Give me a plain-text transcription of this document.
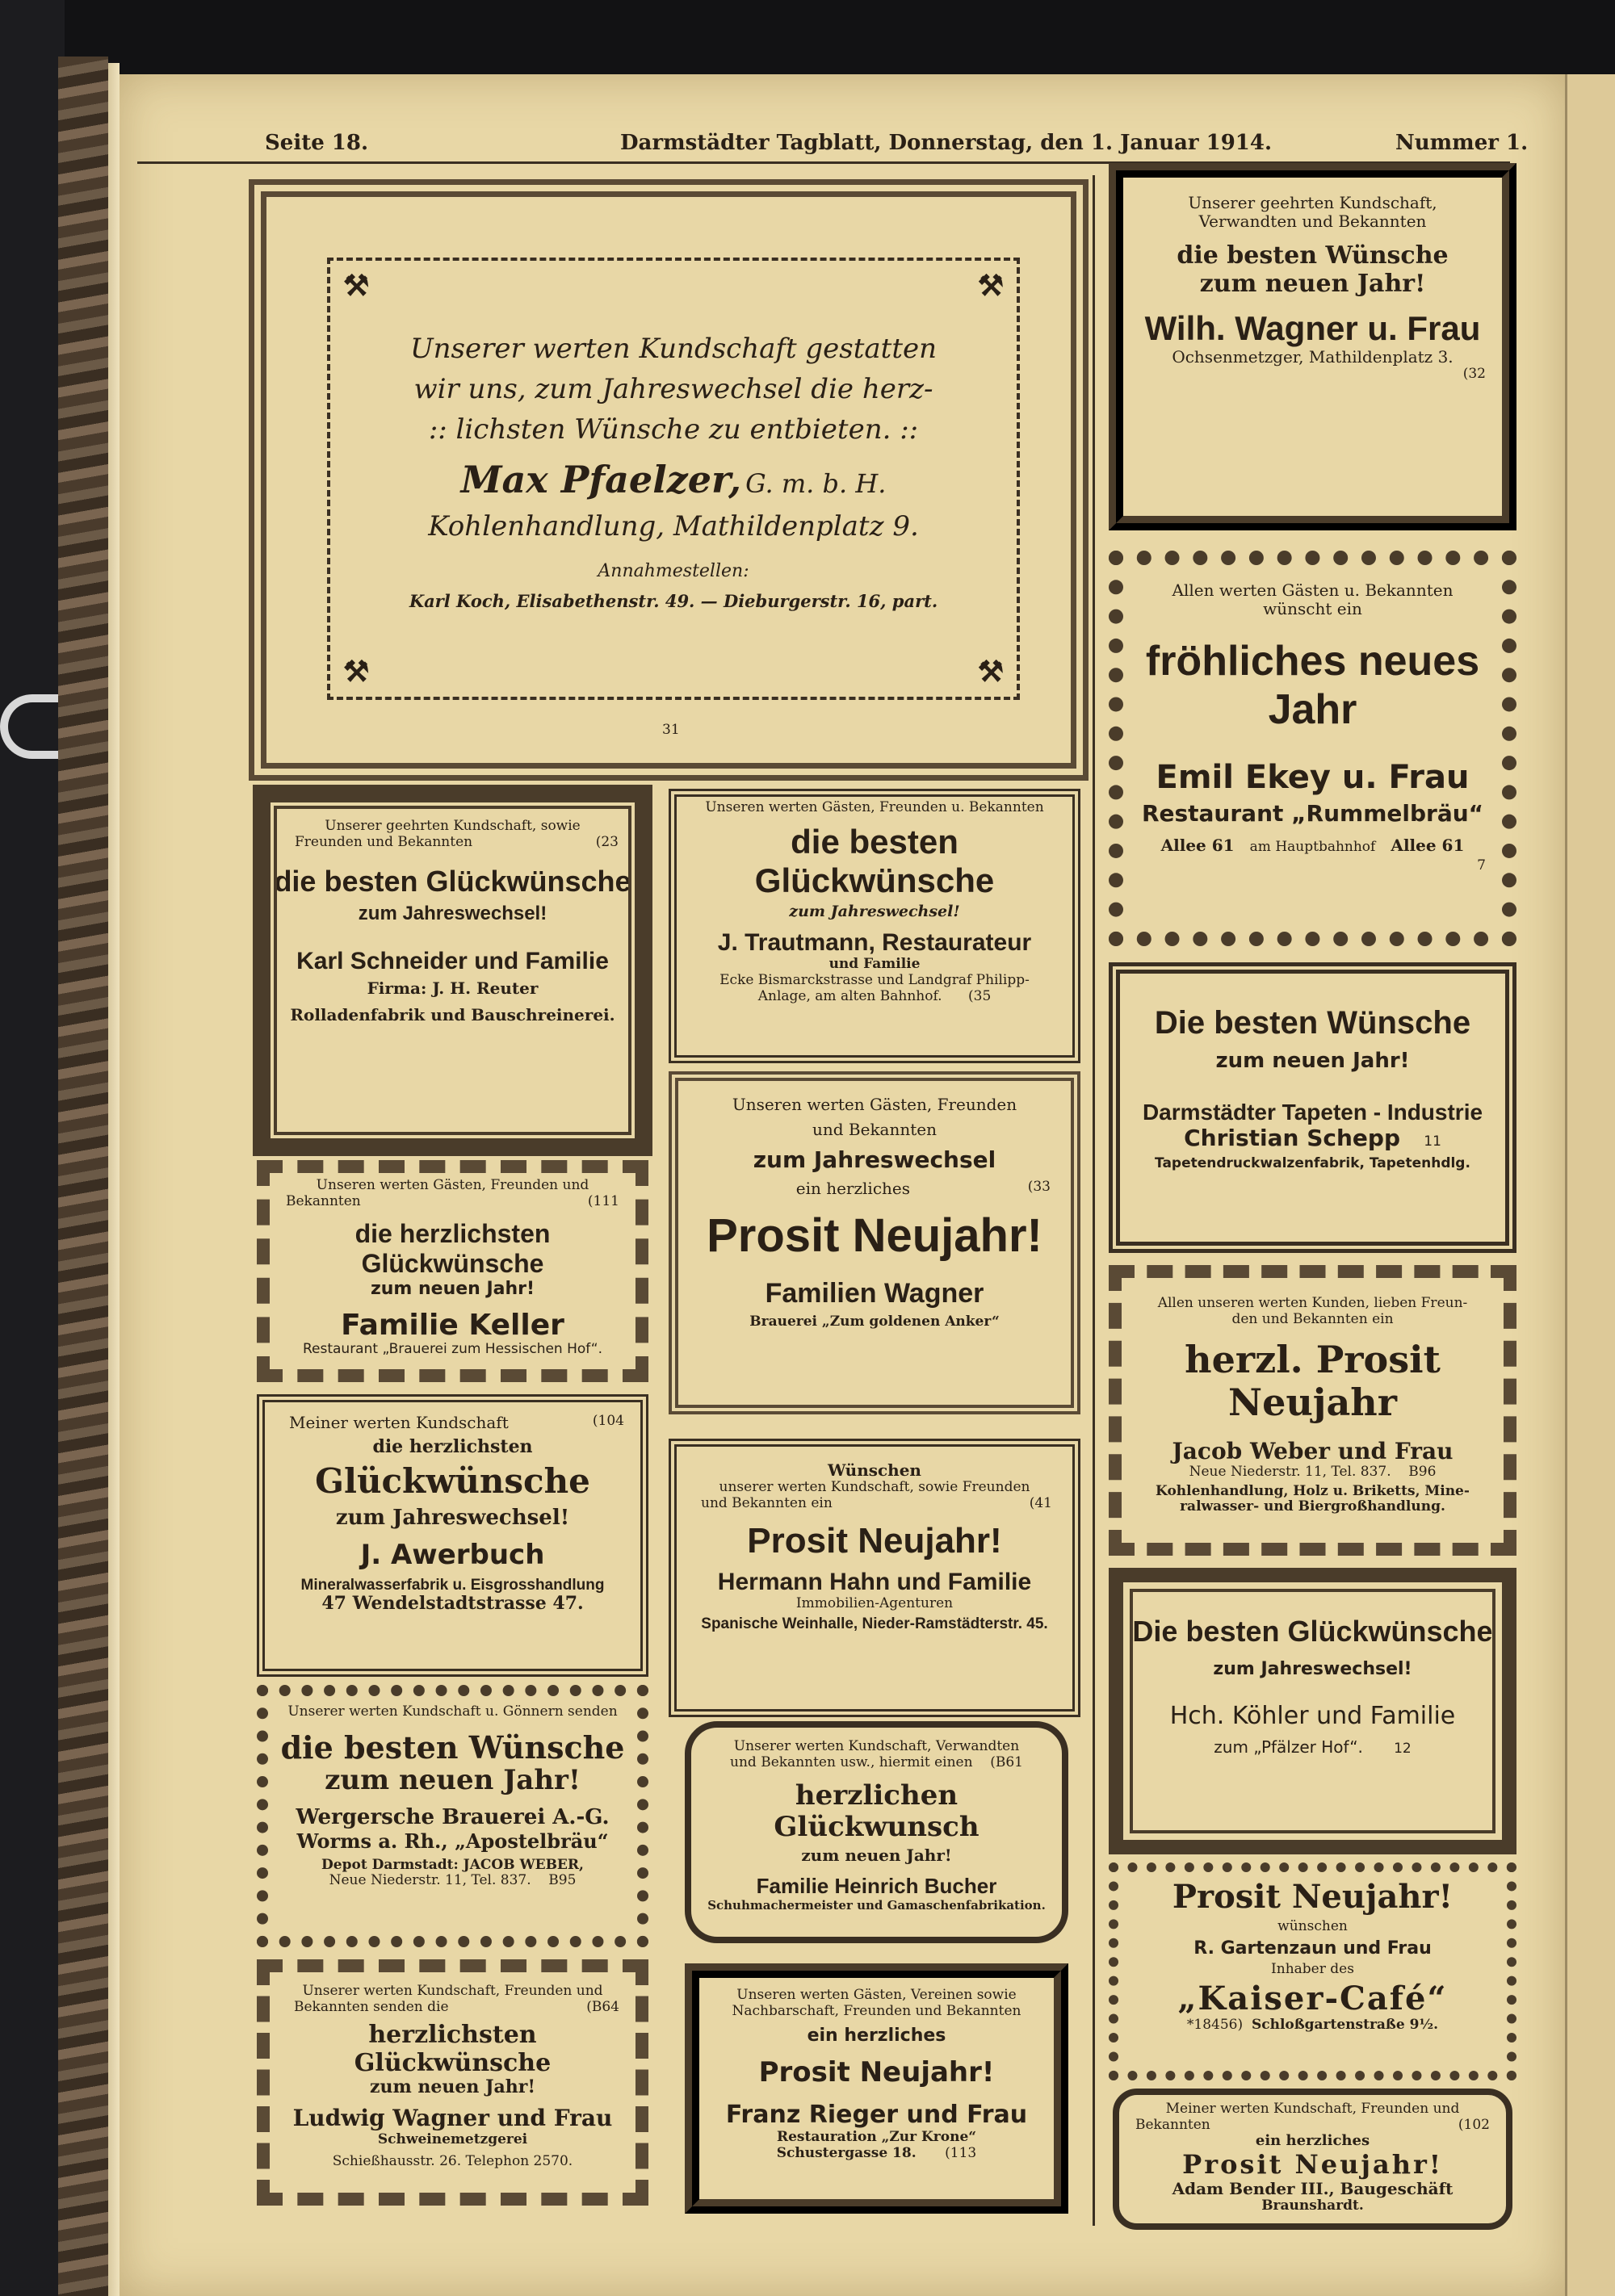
Seite 18.	Darmstädter Tagblatt, Donnerstag, den 1. Januar 1914.	Nummer 1.
⚒	⚒
⚒	⚒

Unserer werten Kundschaft gestatten

wir uns, zum Jahreswechsel die herz-

:: lichsten Wünsche zu entbieten. ::

Max Pfaelzer, G. m. b. H.

Kohlenhandlung, Mathildenplatz 9.

Annahmestellen:

Karl Koch, Elisabethenstr. 49. — Dieburgerstr. 16, part.

31

Unserer geehrten Kundschaft, sowie

Freunden und Bekannten	(23

die besten Glückwünsche

zum Jahreswechsel!

Karl Schneider und Familie

Firma: J. H. Reuter

Rolladenfabrik und Bauschreinerei.

Unseren werten Gästen, Freunden und

Bekannten	(111

die herzlichsten Glückwünsche

zum neuen Jahr!

Familie Keller

Restaurant „Brauerei zum Hessischen Hof“.

Meiner werten Kundschaft	(104

die herzlichsten

Glückwünsche

zum Jahreswechsel!

J. Awerbuch

Mineralwasserfabrik u. Eisgrosshandlung

47 Wendelstadtstrasse 47.

Unserer werten Kundschaft u. Gönnern senden

die besten Wünsche

zum neuen Jahr!

Wergersche Brauerei A.-G.

Worms a. Rh., „Apostelbräu“

Depot Darmstadt: JACOB WEBER,

Neue Niederstr. 11, Tel. 837. B95

Unserer werten Kundschaft, Freunden und

Bekannten senden die	(B64

herzlichsten Glückwünsche

zum neuen Jahr!

Ludwig Wagner und Frau

Schweinemetzgerei

Schießhausstr. 26. Telephon 2570.

Unseren werten Gästen, Freunden u. Bekannten

die besten Glückwünsche

zum Jahreswechsel!

J. Trautmann, Restaurateur

und Familie

Ecke Bismarckstrasse und Landgraf Philipp-

Anlage, am alten Bahnhof. (35

Unseren werten Gästen, Freunden

und Bekannten

zum Jahreswechsel

ein herzliches	(33

Prosit Neujahr!

Familien Wagner

Brauerei „Zum goldenen Anker“

Wünschen

unserer werten Kundschaft, sowie Freunden

und Bekannten ein	(41

Prosit Neujahr!

Hermann Hahn und Familie

Immobilien-Agenturen

Spanische Weinhalle, Nieder-Ramstädterstr. 45.

Unserer werten Kundschaft, Verwandten

und Bekannten usw., hiermit einen (B61

herzlichen Glückwunsch

zum neuen Jahr!

Familie Heinrich Bucher

Schuhmachermeister und Gamaschenfabrikation.

Unseren werten Gästen, Vereinen sowie

Nachbarschaft, Freunden und Bekannten

ein herzliches

Prosit Neujahr!

Franz Rieger und Frau

Restauration „Zur Krone“

Schustergasse 18. (113

Unserer geehrten Kundschaft,

Verwandten und Bekannten

die besten Wünsche

zum neuen Jahr!

Wilh. Wagner u. Frau

Ochsenmetzger, Mathildenplatz 3.

(32

Allen werten Gästen u. Bekannten

wünscht ein

fröhliches neues Jahr

Emil Ekey u. Frau

Restaurant „Rummelbräu“

Allee 61 am Hauptbahnhof Allee 61

7

Die besten Wünsche

zum neuen Jahr!

Darmstädter Tapeten - Industrie

Christian Schepp 11

Tapetendruckwalzenfabrik, Tapetenhdlg.

Allen unseren werten Kunden, lieben Freun-

den und Bekannten ein

herzl. Prosit Neujahr

Jacob Weber und Frau

Neue Niederstr. 11, Tel. 837. B96

Kohlenhandlung, Holz u. Briketts, Mine-

ralwasser- und Biergroßhandlung.

Die besten Glückwünsche

zum Jahreswechsel!

Hch. Köhler und Familie

zum „Pfälzer Hof“. 12

Prosit Neujahr!

wünschen

R. Gartenzaun und Frau

Inhaber des

„Kaiser-Café“

*18456) Schloßgartenstraße 9½.

Meiner werten Kundschaft, Freunden und

Bekannten	(102

ein herzliches

Prosit Neujahr!

Adam Bender III., Baugeschäft

Braunshardt.
